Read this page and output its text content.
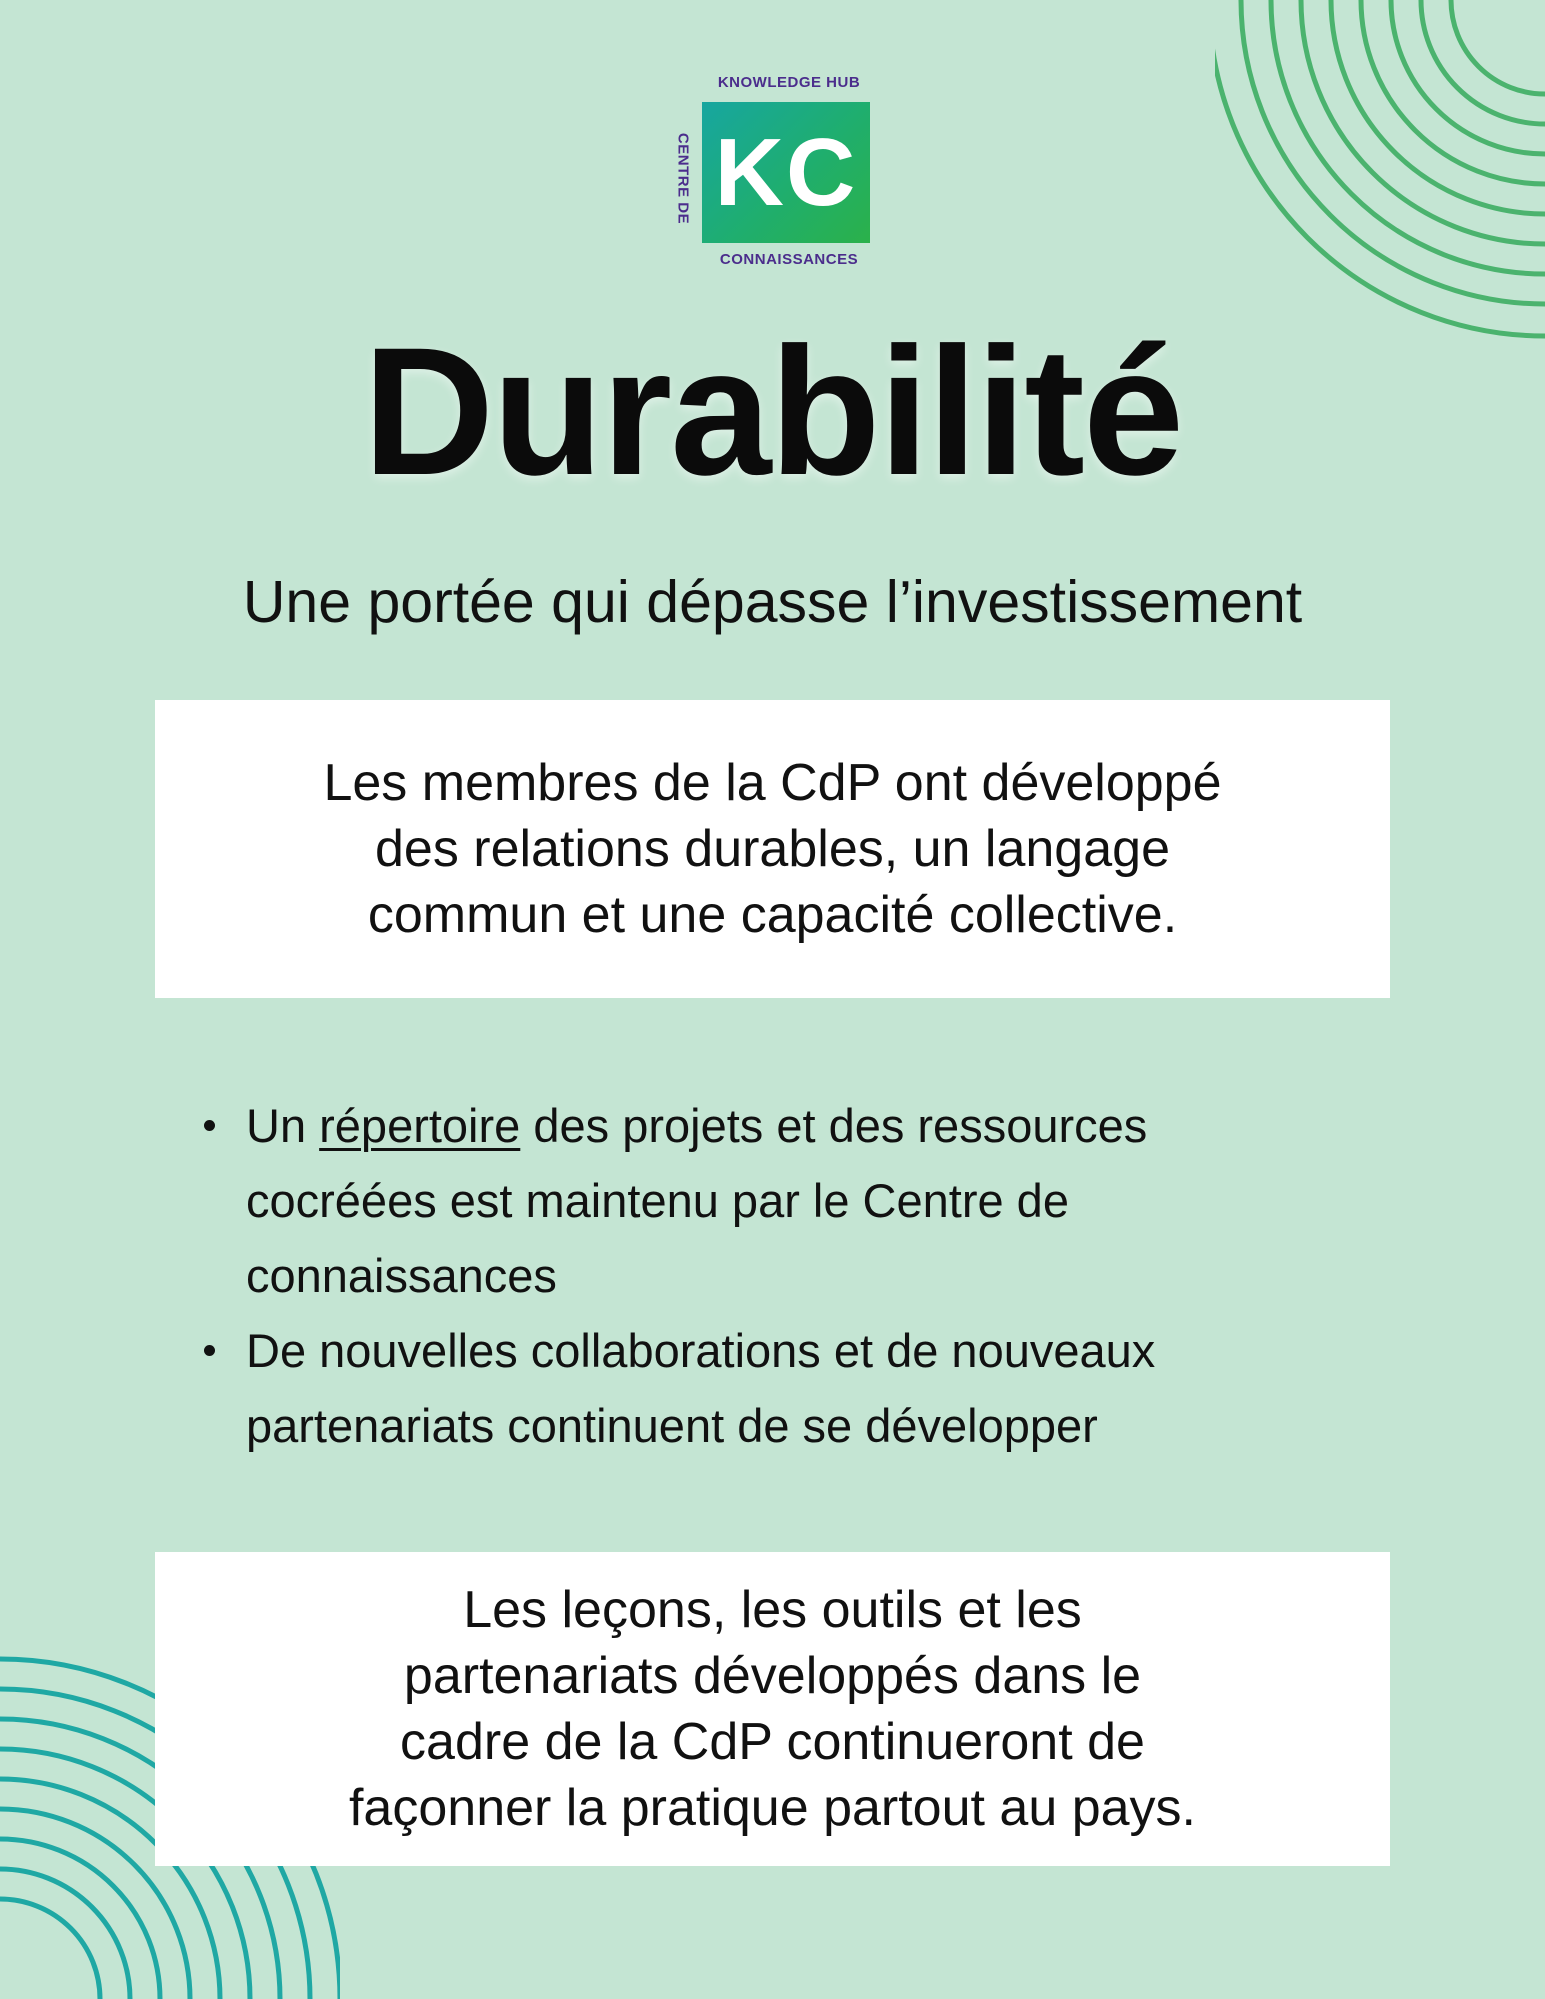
KNOWLEDGE HUB
CENTRE DE KC
CONNAISSANCES
Durabilité
Une portée qui dépasse l’investissement
Les membres de la CdP ont développé des relations durables, un langage commun et une capacité collective.
Un répertoire des projets et des ressources cocréées est maintenu par le Centre de connaissances
De nouvelles collaborations et de nouveaux partenariats continuent de se développer
Les leçons, les outils et les partenariats développés dans le cadre de la CdP continueront de façonner la pratique partout au pays.
